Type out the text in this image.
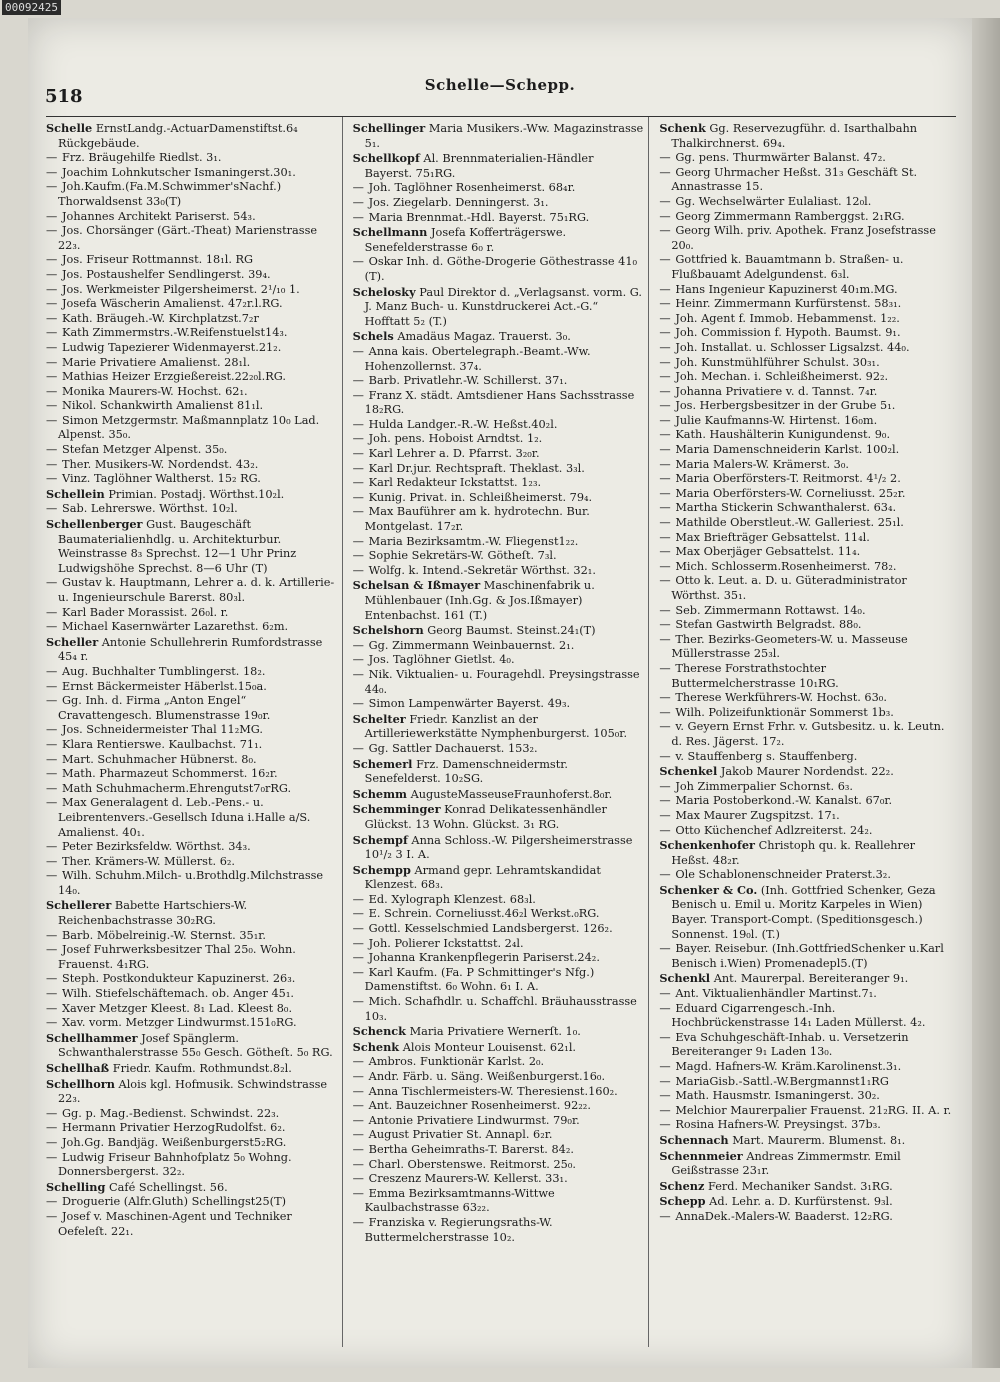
00092425
518
Schelle—Schepp.

Schelle ErnstLandg.-ActuarDamenstiftst.6₄ Rückgebäude.

— Frz. Bräugehilfe Riedlst. 3₁.

— Joachim Lohnkutscher Ismaningerst.30₁.

— Joh.Kaufm.(Fa.M.Schwimmer'sNachf.) Thorwaldsenst 33₀(T)

— Johannes Architekt Pariserst. 54₃.

— Jos. Chorsänger (Gärt.-Theat) Marienstrasse 22₃.

— Jos. Friseur Rottmannst. 18₁l. RG

— Jos. Postaushelfer Sendlingerst. 39₄.

— Jos. Werkmeister Pilgersheimerst. 2¹/₁₀ 1.

— Josefa Wäscherin Amalienst. 47₂r.l.RG.

— Kath. Bräugeh.-W. Kirchplatzst.7₂r

— Kath Zimmermstrs.-W.Reifenstuelst14₃.

— Ludwig Tapezierer Widenmayerst.21₂.

— Marie Privatiere Amalienst. 28₁l.

— Mathias Heizer Erzgießereist.22₂₀l.RG.

— Monika Maurers-W. Hochst. 62₁.

— Nikol. Schankwirth Amalienst 81₁l.

— Simon Metzgermstr. Maßmannplatz 10₀ Lad. Alpenst. 35₀.

— Stefan Metzger Alpenst. 35₀.

— Ther. Musikers-W. Nordendst. 43₂.

— Vinz. Taglöhner Waltherst. 15₂ RG.

Schellein Primian. Postadj. Wörthst.10₂l.

— Sab. Lehrerswe. Wörthst. 10₂l.

Schellenberger Gust. Baugeschäft Baumaterialienhdlg. u. Architekturbur. Weinstrasse 8₃ Sprechst. 12—1 Uhr Prinz Ludwigshöhe Sprechst. 8—6 Uhr (T)

— Gustav k. Hauptmann, Lehrer a. d. k. Artillerie- u. Ingenieurschule Barerst. 80₃l.

— Karl Bader Morassist. 26₀l. r.

— Michael Kasernwärter Lazarethst. 6₂m.

Scheller Antonie Schullehrerin Rumfordstrasse 45₄ r.

— Aug. Buchhalter Tumblingerst. 18₂.

— Ernst Bäckermeister Häberlst.15₀a.

— Gg. Inh. d. Firma „Anton Engel“ Cravattengesch. Blumenstrasse 19₀r.

— Jos. Schneidermeister Thal 11₂MG.

— Klara Rentierswe. Kaulbachst. 71₁.

— Mart. Schuhmacher Hübnerst. 8₀.

— Math. Pharmazeut Schommerst. 16₂r.

— Math Schuhmacherm.Ehrengutst7₀rRG.

— Max Generalagent d. Leb.-Pens.- u. Leibrentenvers.-Gesellsch Iduna i.Halle a/S. Amalienst. 40₁.

— Peter Bezirksfeldw. Wörthst. 34₃.

— Ther. Krämers-W. Müllerst. 6₂.

— Wilh. Schuhm.Milch- u.Brothdlg.Milchstrasse 14₀.

Schellerer Babette Hartschiers-W. Reichenbachstrasse 30₂RG.

— Barb. Möbelreinig.-W. Sternst. 35₁r.

— Josef Fuhrwerksbesitzer Thal 25₀. Wohn. Frauenst. 4₁RG.

— Steph. Postkondukteur Kapuzinerst. 26₃.

— Wilh. Stiefelschäftemach. ob. Anger 45₁.

— Xaver Metzger Kleest. 8₁ Lad. Kleest 8₀.

— Xav. vorm. Metzger Lindwurmst.151₀RG.

Schellhammer Josef Spänglerm. Schwanthalerstrasse 55₀ Gesch. Götheſt. 5₀ RG.

Schellhaß Friedr. Kaufm. Rothmundst.8₂l.

Schellhorn Alois kgl. Hofmusik. Schwindstrasse 22₃.

— Gg. p. Mag.-Bedienst. Schwindst. 22₃.

— Hermann Privatier HerzogRudolfst. 6₂.

— Joh.Gg. Bandjäg. Weißenburgerst5₂RG.

— Ludwig Friseur Bahnhofplatz 5₀ Wohng. Donnersbergerst. 32₂.

Schelling Café Schellingst. 56.

— Droguerie (Alfr.Gluth) Schellingst25(T)

— Josef v. Maschinen-Agent und Techniker Oefeleſt. 22₁.

Schellinger Maria Musikers.-Ww. Magazinstrasse 5₁.

Schellkopf Al. Brennmaterialien-Händler Bayerst. 75₁RG.

— Joh. Taglöhner Rosenheimerst. 68₄r.

— Jos. Ziegelarb. Denningerst. 3₁.

— Maria Brennmat.-Hdl. Bayerst. 75₁RG.

Schellmann Josefa Kofferträgerswe. Senefelderstrasse 6₀ r.

— Oskar Inh. d. Göthe-Drogerie Göthestrasse 41₀ (T).

Schelosky Paul Direktor d. „Verlagsanst. vorm. G. J. Manz Buch- u. Kunstdruckerei Act.-G.“ Hofftatt 5₂ (T.)

Schels Amadäus Magaz. Trauerst. 3₀.

— Anna kais. Obertelegraph.-Beamt.-Ww. Hohenzollernst. 37₄.

— Barb. Privatlehr.-W. Schillerst. 37₁.

— Franz X. städt. Amtsdiener Hans Sachsstrasse 18₂RG.

— Hulda Landger.-R.-W. Heßst.40₂l.

— Joh. pens. Hoboist Arndtst. 1₂.

— Karl Lehrer a. D. Pfarrst. 3₂₀r.

— Karl Dr.jur. Rechtspraft. Theklast. 3₃l.

— Karl Redakteur Ickstattst. 1₂₃.

— Kunig. Privat. in. Schleißheimerst. 79₄.

— Max Bauführer am k. hydrotechn. Bur. Montgelast. 17₂r.

— Maria Bezirksamtm.-W. Fliegenst1₂₂.

— Sophie Sekretärs-W. Götheſt. 7₃l.

— Wolfg. k. Intend.-Sekretär Wörthst. 32₁.

Schelsan & Ißmayer Maschinenfabrik u. Mühlenbauer (Inh.Gg. & Jos.Ißmayer) Entenbachst. 161 (T.)

Schelshorn Georg Baumst. Steinst.24₁(T)

— Gg. Zimmermann Weinbauernst. 2₁.

— Jos. Taglöhner Gietlst. 4₀.

— Nik. Viktualien- u. Fouragehdl. Preysingstrasse 44₀.

— Simon Lampenwärter Bayerst. 49₃.

Schelter Friedr. Kanzlist an der Artilleriewerkstätte Nymphenburgerst. 105₀r.

— Gg. Sattler Dachauerst. 153₂.

Schemerl Frz. Damenschneidermstr. Senefelderst. 10₂SG.

Schemm AugusteMasseuseFraunhoferst.8₀r.

Schemminger Konrad Delikatessenhändler Glückst. 13 Wohn. Glückst. 3₁ RG.

Schempf Anna Schloss.-W. Pilgersheimerstrasse 10¹/₂ 3 I. A.

Schempp Armand gepr. Lehramtskandidat Klenzest. 68₃.

— Ed. Xylograph Klenzest. 68₃l.

— E. Schrein. Corneliusst.46₂l Werkst.₀RG.

— Gottl. Kesselschmied Landsbergerst. 126₂.

— Joh. Polierer Ickstattst. 2₄l.

— Johanna Krankenpflegerin Pariserst.24₂.

— Karl Kaufm. (Fa. P Schmittinger's Nfg.) Damenstiftst. 6₀ Wohn. 6₁ I. A.

— Mich. Schafhdlr. u. Schaffchl. Bräuhausstrasse 10₃.

Schenck Maria Privatiere Wernerſt. 1₀.

Schenk Alois Monteur Louisenst. 62₁l.

— Ambros. Funktionär Karlst. 2₀.

— Andr. Färb. u. Säng. Weißenburgerst.16₀.

— Anna Tischlermeisters-W. Theresienst.160₂.

— Ant. Bauzeichner Rosenheimerst. 92₂₂.

— Antonie Privatiere Lindwurmst. 79₀r.

— August Privatier St. Annapl. 6₂r.

— Bertha Geheimraths-T. Barerst. 84₂.

— Charl. Oberstenswe. Reitmorst. 25₀.

— Creszenz Maurers-W. Kellerst. 33₁.

— Emma Bezirksamtmanns-Wittwe Kaulbachstrasse 63₂₂.

— Franziska v. Regierungsraths-W. Buttermelcherstrasse 10₂.

Schenk Gg. Reservezugführ. d. Isarthalbahn Thalkirchnerst. 69₄.

— Gg. pens. Thurmwärter Balanst. 47₂.

— Georg Uhrmacher Heßst. 31₃ Geschäft St. Annastrasse 15.

— Gg. Wechselwärter Eulaliast. 12₀l.

— Georg Zimmermann Ramberggst. 2₁RG.

— Georg Wilh. priv. Apothek. Franz Josefstrasse 20₀.

— Gottfried k. Bauamtmann b. Straßen- u. Flußbauamt Adelgundenst. 6₃l.

— Hans Ingenieur Kapuzinerst 40₁m.MG.

— Heinr. Zimmermann Kurfürstenst. 58₃₁.

— Joh. Agent f. Immob. Hebammenst. 1₂₂.

— Joh. Commission f. Hypoth. Baumst. 9₁.

— Joh. Installat. u. Schlosser Ligsalzst. 44₀.

— Joh. Kunstmühlführer Schulst. 30₃₁.

— Joh. Mechan. i. Schleißheimerst. 92₂.

— Johanna Privatiere v. d. Tannst. 7₄r.

— Jos. Herbergsbesitzer in der Grube 5₁.

— Julie Kaufmanns-W. Hirtenst. 16₀m.

— Kath. Haushälterin Kunigundenst. 9₀.

— Maria Damenschneiderin Karlst. 100₂l.

— Maria Malers-W. Krämerst. 3₀.

— Maria Oberförsters-T. Reitmorst. 4¹/₂ 2.

— Maria Oberförsters-W. Corneliusst. 25₂r.

— Martha Stickerin Schwanthalerst. 63₄.

— Mathilde Oberstleut.-W. Galleriest. 25₁l.

— Max Briefträger Gebsattelst. 11₄l.

— Max Oberjäger Gebsattelst. 11₄.

— Mich. Schlosserm.Rosenheimerst. 78₂.

— Otto k. Leut. a. D. u. Güteradministrator Wörthst. 35₁.

— Seb. Zimmermann Rottawst. 14₀.

— Stefan Gastwirth Belgradst. 88₀.

— Ther. Bezirks-Geometers-W. u. Masseuse Müllerstrasse 25₃l.

— Therese Forstrathstochter Buttermelcherstrasse 10₁RG.

— Therese Werkführers-W. Hochst. 63₀.

— Wilh. Polizeifunktionär Sommerst 1b₃.

— v. Geyern Ernst Frhr. v. Gutsbesitz. u. k. Leutn. d. Res. Jägerst. 17₂.

— v. Stauffenberg s. Stauffenberg.

Schenkel Jakob Maurer Nordendst. 22₂.

— Joh Zimmerpalier Schornst. 6₃.

— Maria Postoberkond.-W. Kanalst. 67₀r.

— Max Maurer Zugspitzst. 17₁.

— Otto Küchenchef Adlzreiterst. 24₂.

Schenkenhofer Christoph qu. k. Reallehrer Heßst. 48₂r.

— Ole Schablonenschneider Praterst.3₂.

Schenker & Co. (Inh. Gottfried Schenker, Geza Benisch u. Emil u. Moritz Karpeles in Wien) Bayer. Transport-Compt. (Speditionsgesch.) Sonnenst. 19₀l. (T.)

— Bayer. Reisebur. (Inh.GottfriedSchenker u.Karl Benisch i.Wien) Promenadepl5.(T)

Schenkl Ant. Maurerpal. Bereiteranger 9₁.

— Ant. Viktualienhändler Martinst.7₁.

— Eduard Cigarrengesch.-Inh. Hochbrückenstrasse 14₁ Laden Müllerst. 4₂.

— Eva Schuhgeschäft-Inhab. u. Versetzerin Bereiteranger 9₁ Laden 13₀.

— Magd. Hafners-W. Kräm.Karolinenst.3₁.

— MariaGisb.-Sattl.-W.Bergmannst1₁RG

— Math. Hausmstr. Ismaningerst. 30₂.

— Melchior Maurerpalier Frauenst. 21₂RG. II. A. r.

— Rosina Hafners-W. Preysingst. 37b₃.

Schennach Mart. Maurerm. Blumenst. 8₁.

Schennmeier Andreas Zimmermstr. Emil Geißstrasse 23₁r.

Schenz Ferd. Mechaniker Sandst. 3₁RG.

Schepp Ad. Lehr. a. D. Kurfürstenst. 9₃l.

— AnnaDek.-Malers-W. Baaderst. 12₂RG.
